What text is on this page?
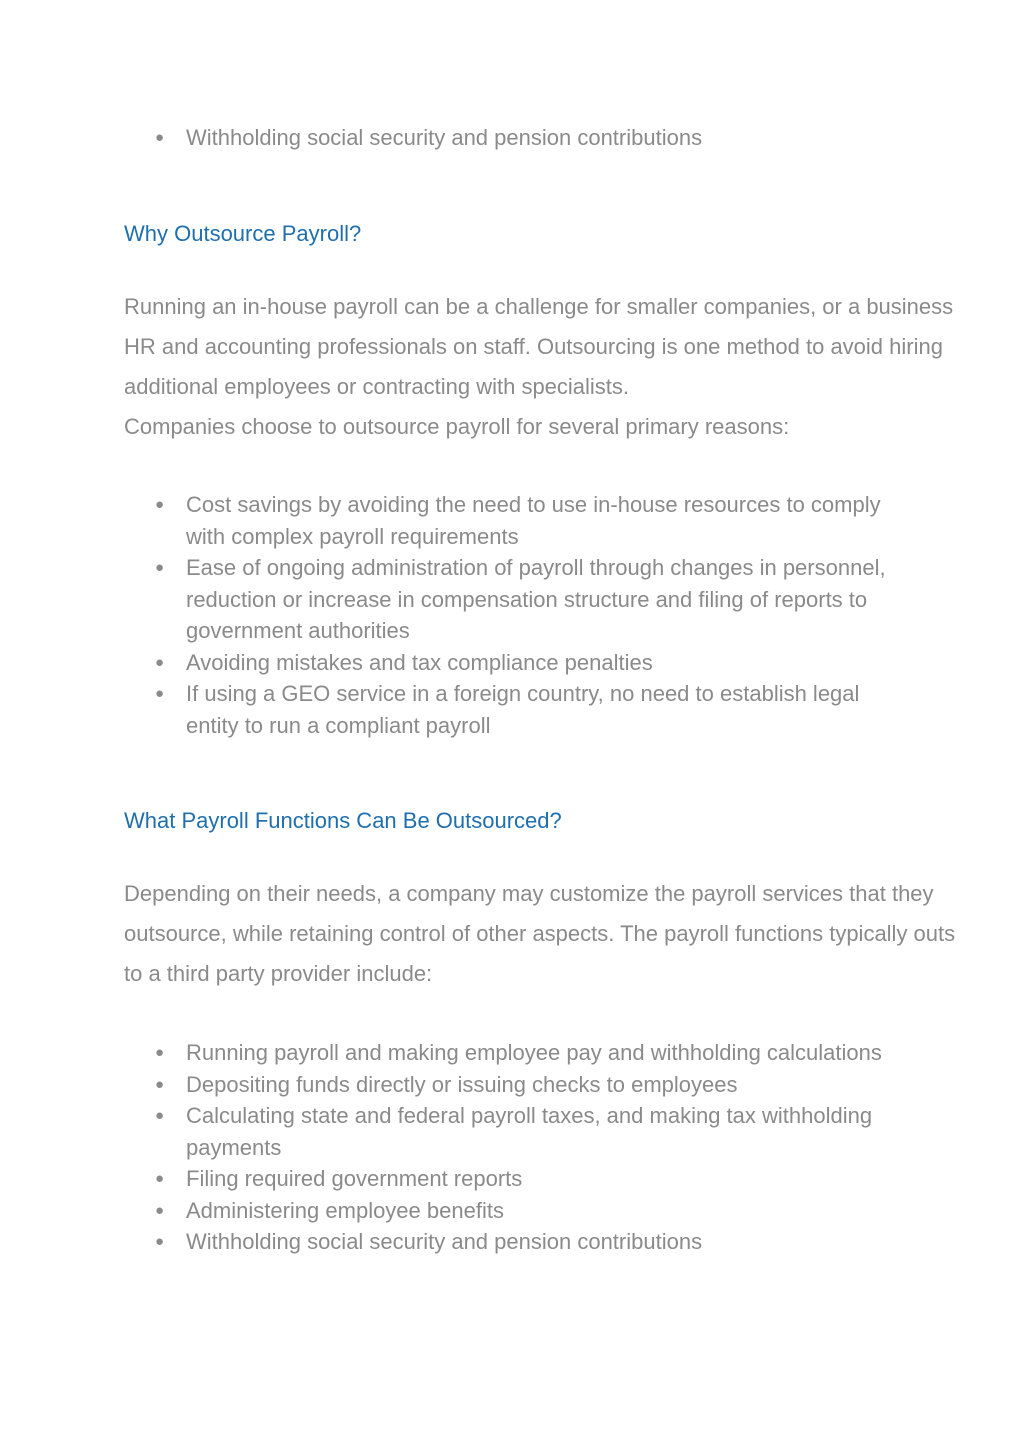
● Withholding social security and pension contributions
Why Outsource Payroll?

Running an in-house payroll can be a challenge for smaller companies, or a business
HR and accounting professionals on staff. Outsourcing is one method to avoid hiring
additional employees or contracting with specialists.
Companies choose to outsource payroll for several primary reasons:

● Cost savings by avoiding the need to use in-house resources to comply with complex payroll requirements
● Ease of ongoing administration of payroll through changes in personnel, reduction or increase in compensation structure and filing of reports to government authorities
● Avoiding mistakes and tax compliance penalties
● If using a GEO service in a foreign country, no need to establish legal entity to run a compliant payroll
What Payroll Functions Can Be Outsourced?

Depending on their needs, a company may customize the payroll services that they
outsource, while retaining control of other aspects. The payroll functions typically outs
to a third party provider include:

● Running payroll and making employee pay and withholding calculations
● Depositing funds directly or issuing checks to employees
● Calculating state and federal payroll taxes, and making tax withholding payments
● Filing required government reports
● Administering employee benefits
● Withholding social security and pension contributions
